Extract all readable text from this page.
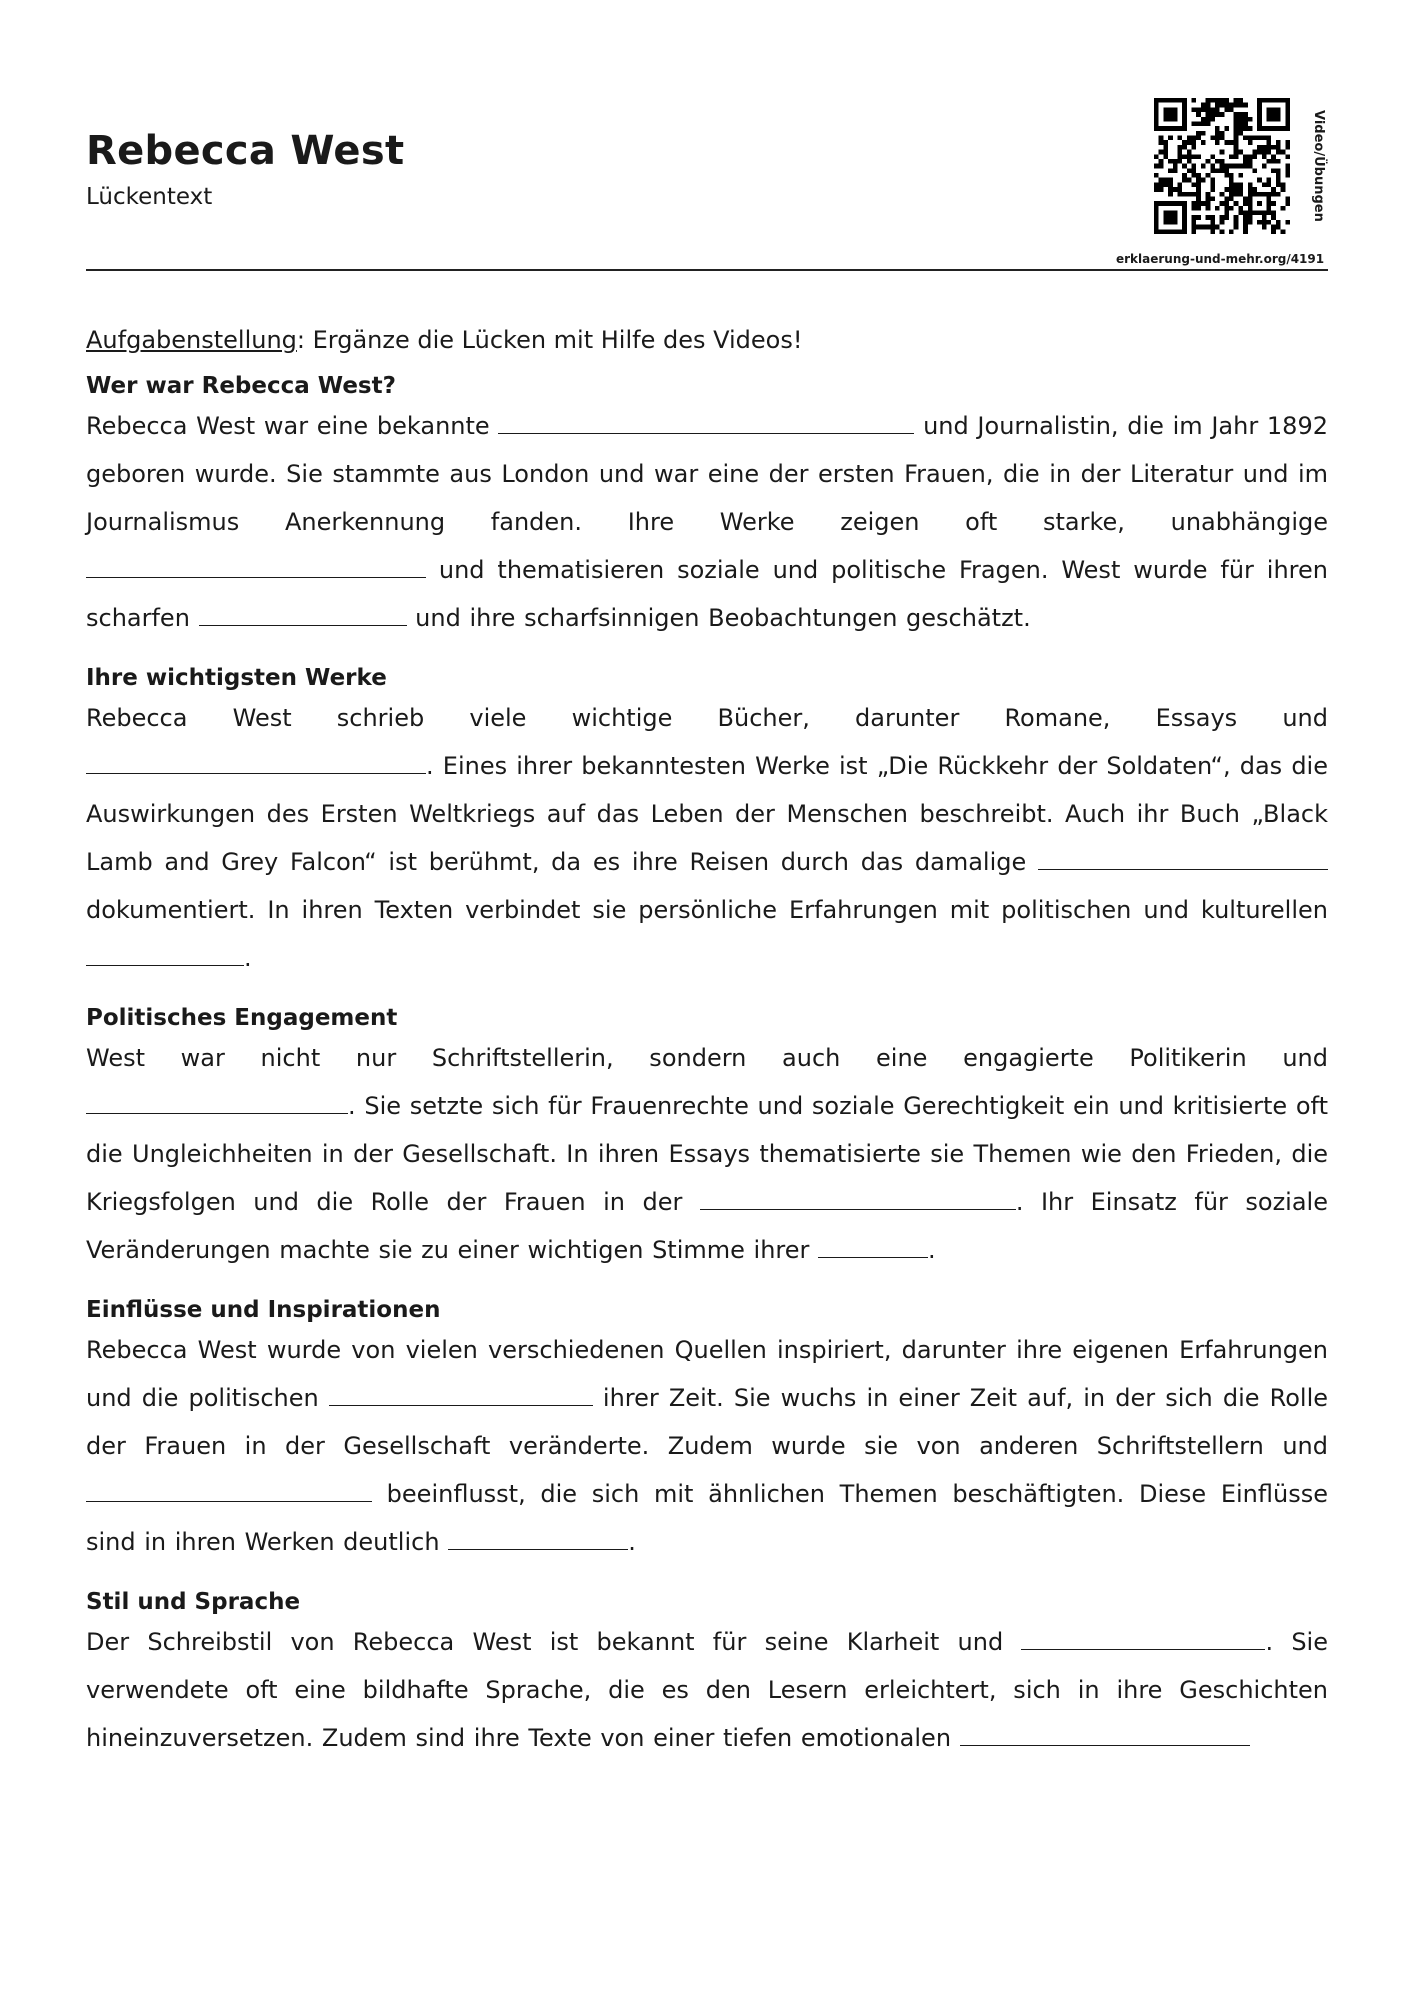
Rebecca West
Lückentext	Video/Übungen
erklaerung-und-mehr.org/4191
Aufgabenstellung: Ergänze die Lücken mit Hilfe des Videos!
Wer war Rebecca West?

Rebecca West war eine bekannte	und Journalistin, die im Jahr 1892 geboren wurde. Sie stammte aus London und war eine der ersten Frauen, die in der Literatur und im Journalismus Anerkennung fanden. Ihre Werke zeigen oft starke, unabhängige  und thematisieren soziale und politische Fragen. West wurde für ihren scharfen	und ihre scharfsinnigen Beobachtungen geschätzt.

Ihre wichtigsten Werke

Rebecca West schrieb viele wichtige Bücher, darunter Romane, Essays und . Eines ihrer bekanntesten Werke ist „Die Rückkehr der Soldaten“, das die Auswirkungen des Ersten Weltkriegs auf das Leben der Menschen beschreibt. Auch ihr Buch „Black Lamb and Grey Falcon“ ist berühmt, da es ihre Reisen durch das damalige  dokumentiert. In ihren Texten verbindet sie persönliche Erfahrungen mit politischen und kulturellen .

Politisches Engagement

West war nicht nur Schriftstellerin, sondern auch eine engagierte Politikerin und . Sie setzte sich für Frauenrechte und soziale Gerechtigkeit ein und kritisierte oft die Ungleichheiten in der Gesellschaft. In ihren Essays thematisierte sie Themen wie den Frieden, die Kriegsfolgen und die Rolle der Frauen in der	. Ihr Einsatz für soziale Veränderungen machte sie zu einer wichtigen Stimme ihrer	.

Einflüsse und Inspirationen

Rebecca West wurde von vielen verschiedenen Quellen inspiriert, darunter ihre eigenen Erfahrungen und die politischen	ihrer Zeit. Sie wuchs in einer Zeit auf, in der sich die Rolle der Frauen in der Gesellschaft veränderte. Zudem wurde sie von anderen Schriftstellern und  beeinflusst, die sich mit ähnlichen Themen beschäftigten. Diese Einflüsse sind in ihren Werken deutlich	.

Stil und Sprache

Der Schreibstil von Rebecca West ist bekannt für seine Klarheit und	. Sie verwendete oft eine bildhafte Sprache, die es den Lesern erleichtert, sich in ihre Geschichten hineinzuversetzen. Zudem sind ihre Texte von einer tiefen emotionalen
